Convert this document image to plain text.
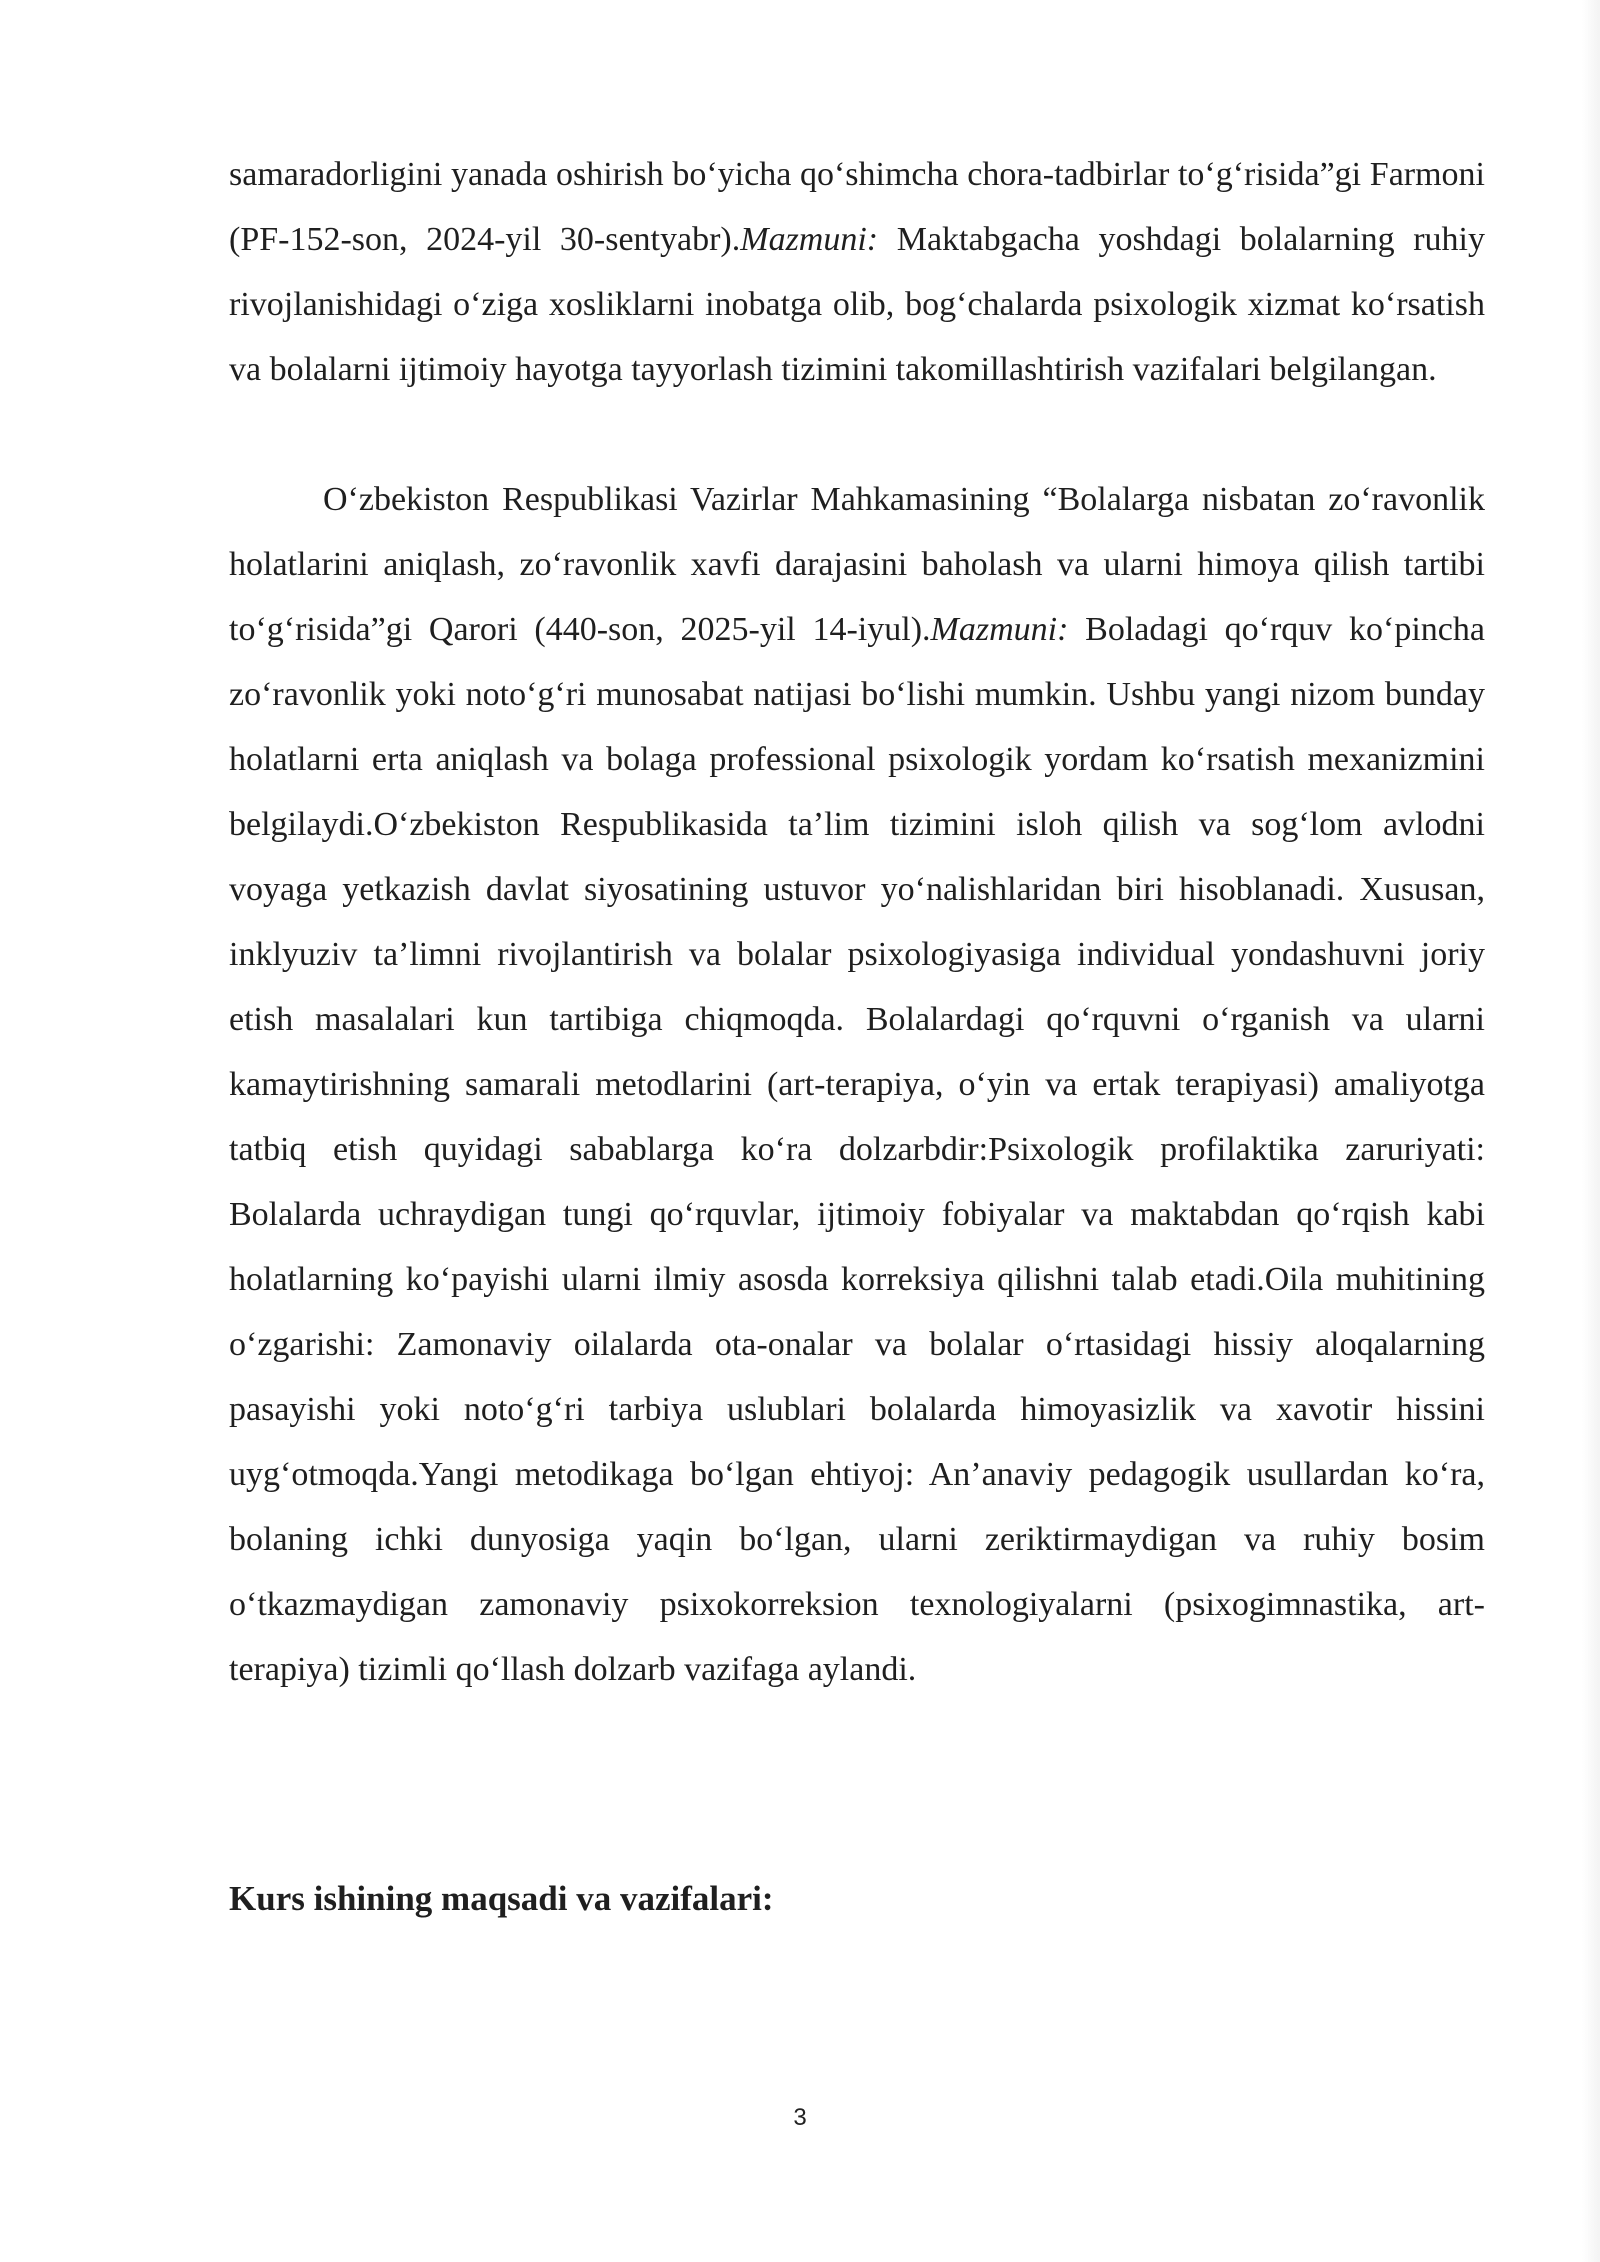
samaradorligini yanada oshirish bo‘yicha qo‘shimcha chora-tadbirlar to‘g‘risida”gi Farmoni (PF-152-son, 2024-yil 30-sentyabr).Mazmuni: Maktabgacha yoshdagi bolalarning ruhiy rivojlanishidagi o‘ziga xosliklarni inobatga olib, bog‘chalarda psixologik xizmat ko‘rsatish va bolalarni ijtimoiy hayotga tayyorlash tizimini takomillashtirish vazifalari belgilangan.

O‘zbekiston Respublikasi Vazirlar Mahkamasining “Bolalarga nisbatan zo‘ravonlik holatlarini aniqlash, zo‘ravonlik xavfi darajasini baholash va ularni himoya qilish tartibi to‘g‘risida”gi Qarori (440-son, 2025-yil 14-iyul).Mazmuni: Boladagi qo‘rquv ko‘pincha zo‘ravonlik yoki noto‘g‘ri munosabat natijasi bo‘lishi mumkin. Ushbu yangi nizom bunday holatlarni erta aniqlash va bolaga professional psixologik yordam ko‘rsatish mexanizmini belgilaydi.O‘zbekiston Respublikasida ta’lim tizimini isloh qilish va sog‘lom avlodni voyaga yetkazish davlat siyosatining ustuvor yo‘nalishlaridan biri hisoblanadi. Xususan, inklyuziv ta’limni rivojlantirish va bolalar psixologiyasiga individual yondashuvni joriy etish masalalari kun tartibiga chiqmoqda. Bolalardagi qo‘rquvni o‘rganish va ularni kamaytirishning samarali metodlarini (art-terapiya, o‘yin va ertak terapiyasi) amaliyotga tatbiq etish quyidagi sabablarga ko‘ra dolzarbdir:Psixologik profilaktika zaruriyati: Bolalarda uchraydigan tungi qo‘rquvlar, ijtimoiy fobiyalar va maktabdan qo‘rqish kabi holatlarning ko‘payishi ularni ilmiy asosda korreksiya qilishni talab etadi.Oila muhitining o‘zgarishi: Zamonaviy oilalarda ota-onalar va bolalar o‘rtasidagi hissiy aloqalarning pasayishi yoki noto‘g‘ri tarbiya uslublari bolalarda himoyasizlik va xavotir hissini uyg‘otmoqda.Yangi metodikaga bo‘lgan ehtiyoj: An’anaviy pedagogik usullardan ko‘ra, bolaning ichki dunyosiga yaqin bo‘lgan, ularni zeriktirmaydigan va ruhiy bosim o‘tkazmaydigan zamonaviy psixokorreksion texnologiyalarni (psixogimnastika, art-terapiya) tizimli qo‘llash dolzarb vazifaga aylandi.

Kurs ishining maqsadi va vazifalari:
3
